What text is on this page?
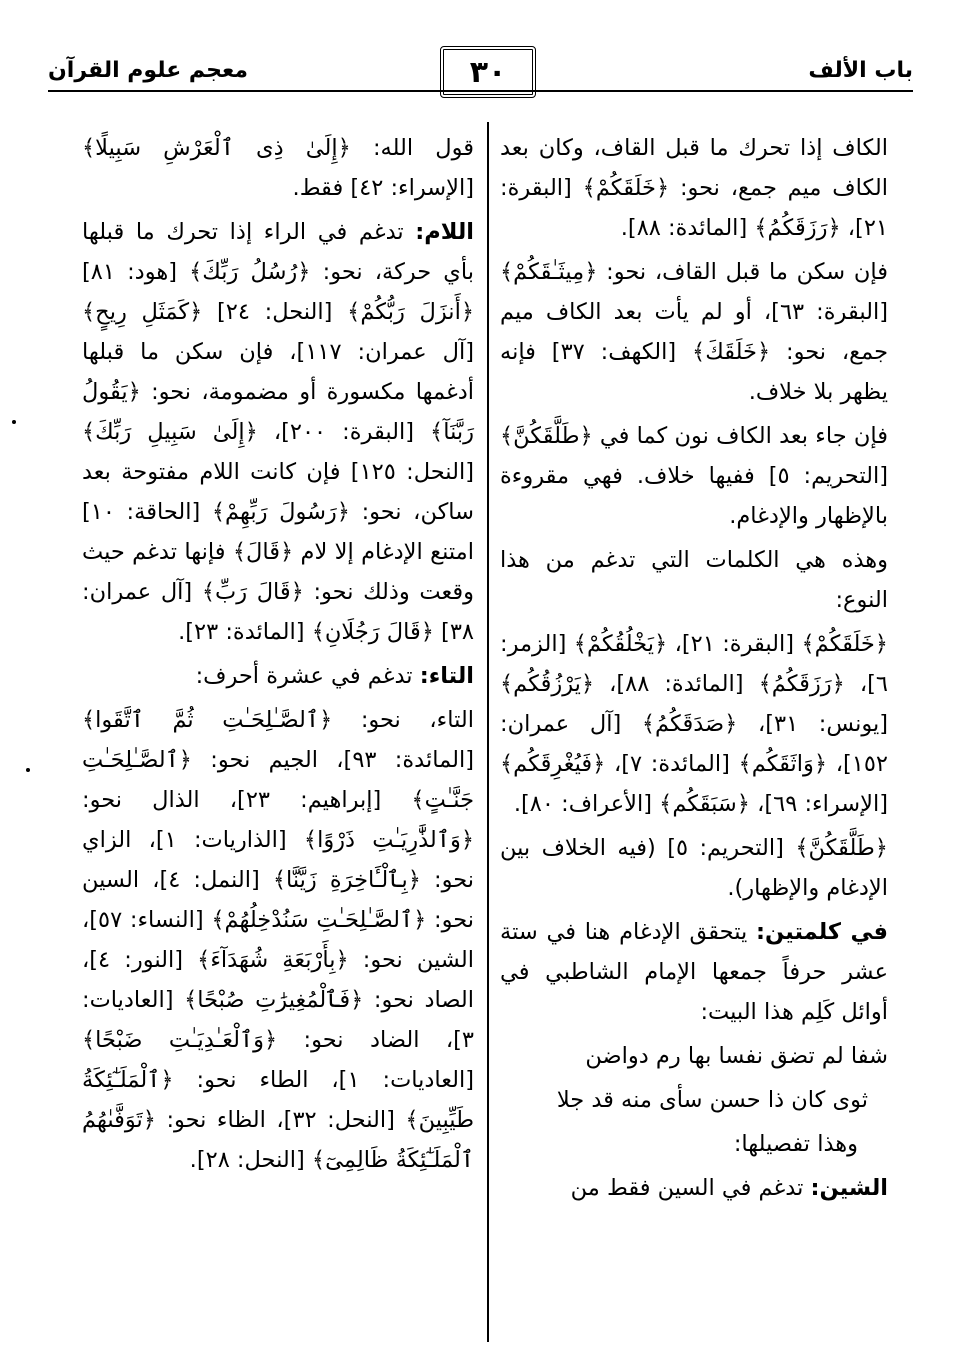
معجم علوم القرآن	٣٠	باب الألف

الكاف إذا تحرك ما قبل القاف، وكان بعد الكاف ميم جمع، نحو: ﴿خَلَقَكُمْ﴾ [البقرة: ٢١]، ﴿رَزَقَكُمُ﴾ [المائدة: ٨٨].

فإن سكن ما قبل القاف، نحو: ﴿مِيثَـٰقَكُمْ﴾ [البقرة: ٦٣]، أو لم يأت بعد الكاف ميم جمع، نحو: ﴿خَلَقَكَ﴾ [الكهف: ٣٧] فإنه يظهر بلا خلاف.

فإن جاء بعد الكاف نون كما في ﴿طَلَّقَكُنَّ﴾ [التحريم: ٥] ففيها خلاف. فهي مقروءة بالإظهار والإدغام.

وهذه هي الكلمات التي تدغم من هذا النوع:

﴿خَلَقَكُمْ﴾ [البقرة: ٢١]، ﴿يَخْلُقُكُمْ﴾ [الزمر: ٦]، ﴿رَزَقَكُمُ﴾ [المائدة: ٨٨]، ﴿يَرْزُقُكُم﴾ [يونس: ٣١]، ﴿صَدَقَكُمُ﴾ [آل عمران: ١٥٢]، ﴿وَاثَقَكُم﴾ [المائدة: ٧]، ﴿فَيُغْرِقَكُم﴾ [الإسراء: ٦٩]، ﴿سَبَقَكُم﴾ [الأعراف: ٨٠].

﴿طَلَّقَكُنَّ﴾ [التحريم: ٥] (فيه الخلاف بين الإدغام والإظهار).

في كلمتين: يتحقق الإدغام هنا في ستة عشر حرفاً جمعها الإمام الشاطبي في أوائل كَلِم هذا البيت:

شفا لم تضق نفسا بها رم دواضن

ثوى كان ذا حسن سأى منه قد جلا

وهذا تفصيلها:

الشين: تدغم في السين فقط من

قول الله: ﴿إِلَىٰ ذِى ٱلْعَرْشِ سَبِيلًا﴾ [الإسراء: ٤٢] فقط.

اللام: تدغم في الراء إذا تحرك ما قبلها بأي حركة، نحو: ﴿رُسُلُ رَبِّكَ﴾ [هود: ٨١] ﴿أَنزَلَ رَبُّكُمْ﴾ [النحل: ٢٤] ﴿كَمَثَلِ رِيحٍ﴾ [آل عمران: ١١٧]، فإن سكن ما قبلها أدغمها مكسورة أو مضمومة، نحو: ﴿يَقُولُ رَبَّنَآ﴾ [البقرة: ٢٠٠]، ﴿إِلَىٰ سَبِيلِ رَبِّكَ﴾ [النحل: ١٢٥] فإن كانت اللام مفتوحة بعد ساكن، نحو: ﴿رَسُولَ رَبِّهِمْ﴾ [الحاقة: ١٠] امتنع الإدغام إلا لام ﴿قَالَ﴾ فإنها تدغم حيث وقعت وذلك نحو: ﴿قَالَ رَبِّ﴾ [آل عمران: ٣٨] ﴿قَالَ رَجُلَانِ﴾ [المائدة: ٢٣].

التاء: تدغم في عشرة أحرف:

التاء، نحو: ﴿ٱلصَّـٰلِحَـٰتِ ثُمَّ ٱتَّقَوا﴾ [المائدة: ٩٣]، الجيم نحو: ﴿ٱلصَّـٰلِحَـٰتِ جَنَّـٰتٍ﴾ [إبراهيم: ٢٣]، الذال نحو: ﴿وَٱلذَّٰرِيَـٰتِ ذَرْوًا﴾ [الذاريات: ١]، الزاي نحو: ﴿بِٱلْـَٔاخِرَةِ زَيَّنَّا﴾ [النمل: ٤]، السين نحو: ﴿ٱلصَّـٰلِحَـٰتِ سَنُدْخِلُهُمْ﴾ [النساء: ٥٧]، الشين نحو: ﴿بِأَرْبَعَةِ شُهَدَآءَ﴾ [النور: ٤]، الصاد نحو: ﴿فَٱلْمُغِيرَٰتِ صُبْحًا﴾ [العاديات: ٣]، الضاد نحو: ﴿وَٱلْعَـٰدِيَـٰتِ ضَبْحًا﴾ [العاديات: ١]، الطاء نحو: ﴿ٱلْمَلَـٰٓئِكَةُ طَيِّبِينَ﴾ [النحل: ٣٢]، الظاء نحو: ﴿تَوَفَّىٰهُمُ ٱلْمَلَـٰٓئِكَةُ ظَالِمِىٓ﴾ [النحل: ٢٨].
